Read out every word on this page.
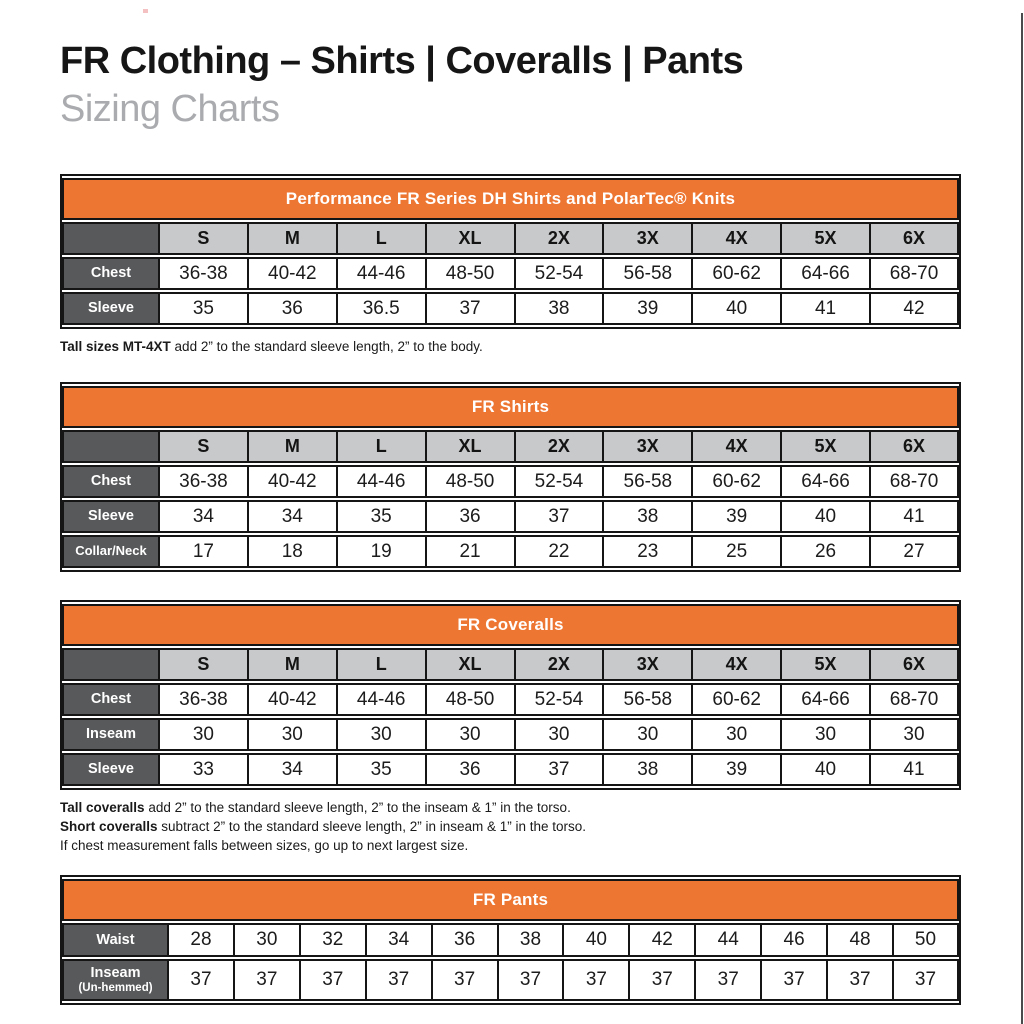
FR Clothing – Shirts | Coveralls | Pants
Sizing Charts
Performance FR Series DH Shirts and PolarTec® Knits									
	S	M	L	XL	2X	3X	4X	5X	6X
Chest	36-38	40-42	44-46	48-50	52-54	56-58	60-62	64-66	68-70
Sleeve	35	36	36.5	37	38	39	40	41	42

Tall sizes MT-4XT add 2” to the standard sleeve length, 2” to the body.

FR Shirts									
	S	M	L	XL	2X	3X	4X	5X	6X
Chest	36-38	40-42	44-46	48-50	52-54	56-58	60-62	64-66	68-70
Sleeve	34	34	35	36	37	38	39	40	41
Collar/Neck	17	18	19	21	22	23	25	26	27
FR Coveralls									
	S	M	L	XL	2X	3X	4X	5X	6X
Chest	36-38	40-42	44-46	48-50	52-54	56-58	60-62	64-66	68-70
Inseam	30	30	30	30	30	30	30	30	30
Sleeve	33	34	35	36	37	38	39	40	41

Tall coveralls add 2” to the standard sleeve length, 2” to the inseam & 1” in the torso.

Short coveralls subtract 2” to the standard sleeve length, 2” in inseam & 1” in the torso.

If chest measurement falls between sizes, go up to next largest size.

FR Pants												
Waist	28	30	32	34	36	38	40	42	44	46	48	50
Inseam
(Un-hemmed)	37	37	37	37	37	37	37	37	37	37	37	37
